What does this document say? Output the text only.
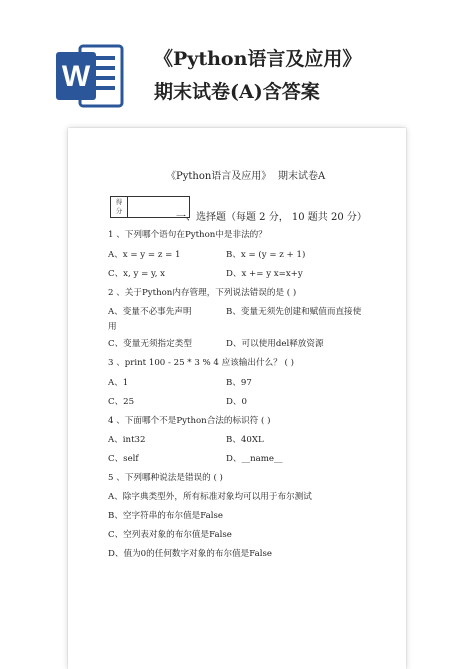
W
《Python语言及应用》
期末试卷(A)含答案
《Python语言及应用》 期末试卷A
得分
一、选择题（每题 2 分， 10 题共 20 分）
1 、下列哪个语句在Python中是非法的？
A、x = y = z = 1	B、x = (y = z + 1)
C、x, y = y, x	D、x += y x=x+y
2 、关于Python内存管理，下列说法错误的是 ( )
A、变量不必事先声明	B、变量无须先创建和赋值而直接使
用
C、变量无须指定类型	D、可以使用del释放资源
3 、print 100 - 25 * 3 % 4 应该输出什么？ ( )
A、1	B、97
C、25	D、0
4 、下面哪个不是Python合法的标识符 ( )
A、int32	B、40XL
C、self	D、__name__
5 、下列哪种说法是错误的 ( )
A、除字典类型外，所有标准对象均可以用于布尔测试
B、空字符串的布尔值是False
C、空列表对象的布尔值是False
D、值为0的任何数字对象的布尔值是False
